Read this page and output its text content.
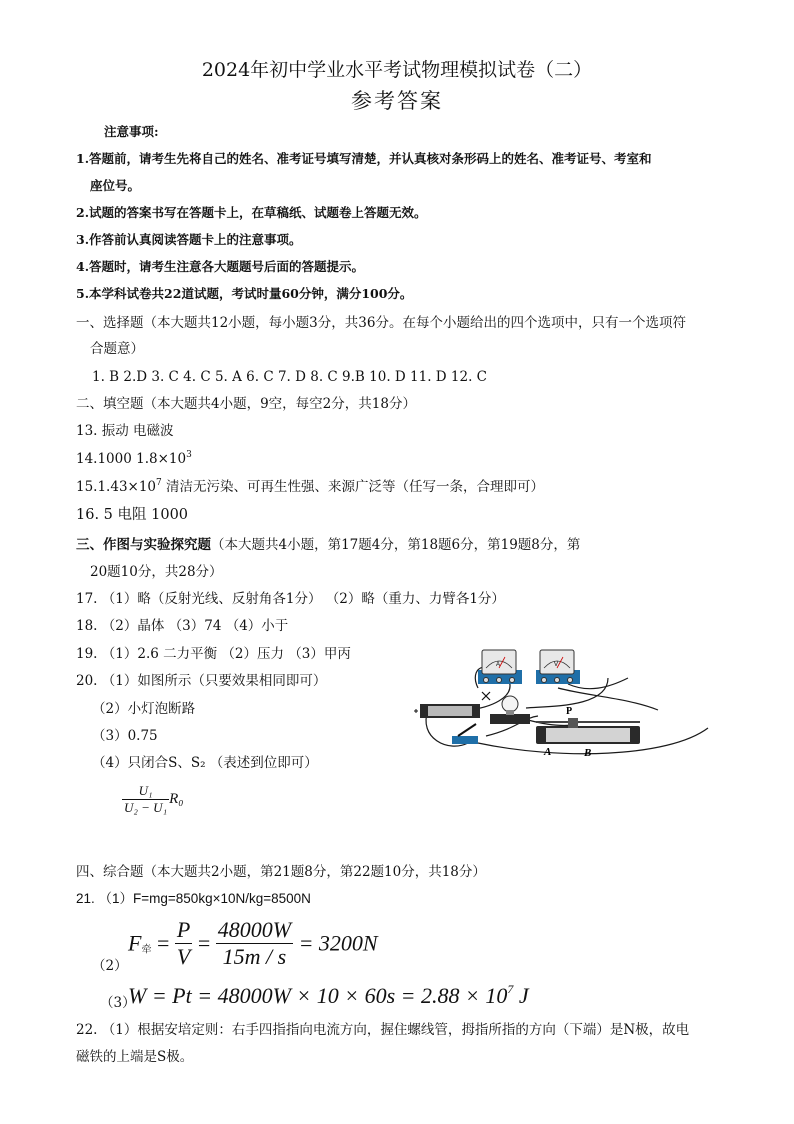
2024年初中学业水平考试物理模拟试卷（二）
参考答案
注意事项:
1.答题前，请考生先将自己的姓名、准考证号填写清楚，并认真核对条形码上的姓名、准考证号、考室和
座位号。
2.试题的答案书写在答题卡上，在草稿纸、试题卷上答题无效。
3.作答前认真阅读答题卡上的注意事项。
4.答题时，请考生注意各大题题号后面的答题提示。
5.本学科试卷共22道试题，考试时量60分钟，满分100分。
一、选择题（本大题共12小题，每小题3分，共36分。在每个小题给出的四个选项中，只有一个选项符
合题意）
1. B 2.D 3. C 4. C 5. A 6. C 7. D 8. C 9.B 10. D 11. D 12. C
二、填空题（本大题共4小题，9空，每空2分，共18分）
13. 振动 电磁波
14.1000 $1.8\times 10^3$
$15.1.43\times 10^7$ 清洁无污染、可再生性强、来源广泛等（任写一条，合理即可）
16. 5 电阻 1000
三、作图与实验探究题（本大题共4小题，第17题4分，第18题6分，第19题8分，第
20题10分，共28分）
17. （1）略（反射光线、反射角各1分） （2）略（重力、力臂各1分）
18. （2）晶体 （3）74 （4）小于
19. （1）2.6 二力平衡 （2）压力 （3）甲丙
20. （1）如图所示（只要效果相同即可）
（2）小灯泡断路
（3）0.75
（4）只闭合S、S₂ （表述到位即可）
$\frac{\text{U₁}}{\text{U₂ − U₁}} R_0$
A	V
P
A	B
四、综合题（本大题共2小题，第21题8分，第22题10分，共18分）
21. （1）F=mg=850kg×10N/kg=8500N
（2）
F牵 = $\frac{P}{V} = \frac{48000W}{15m / s} = 3200N$
（3）
$W = Pt = 48000W \times 10 \times 60s = 2.88 \times 10^7$ J
22. （1）根据安培定则：右手四指指向电流方向，握住螺线管，拇指所指的方向（下端）是N极，故电
磁铁的上端是S极。
